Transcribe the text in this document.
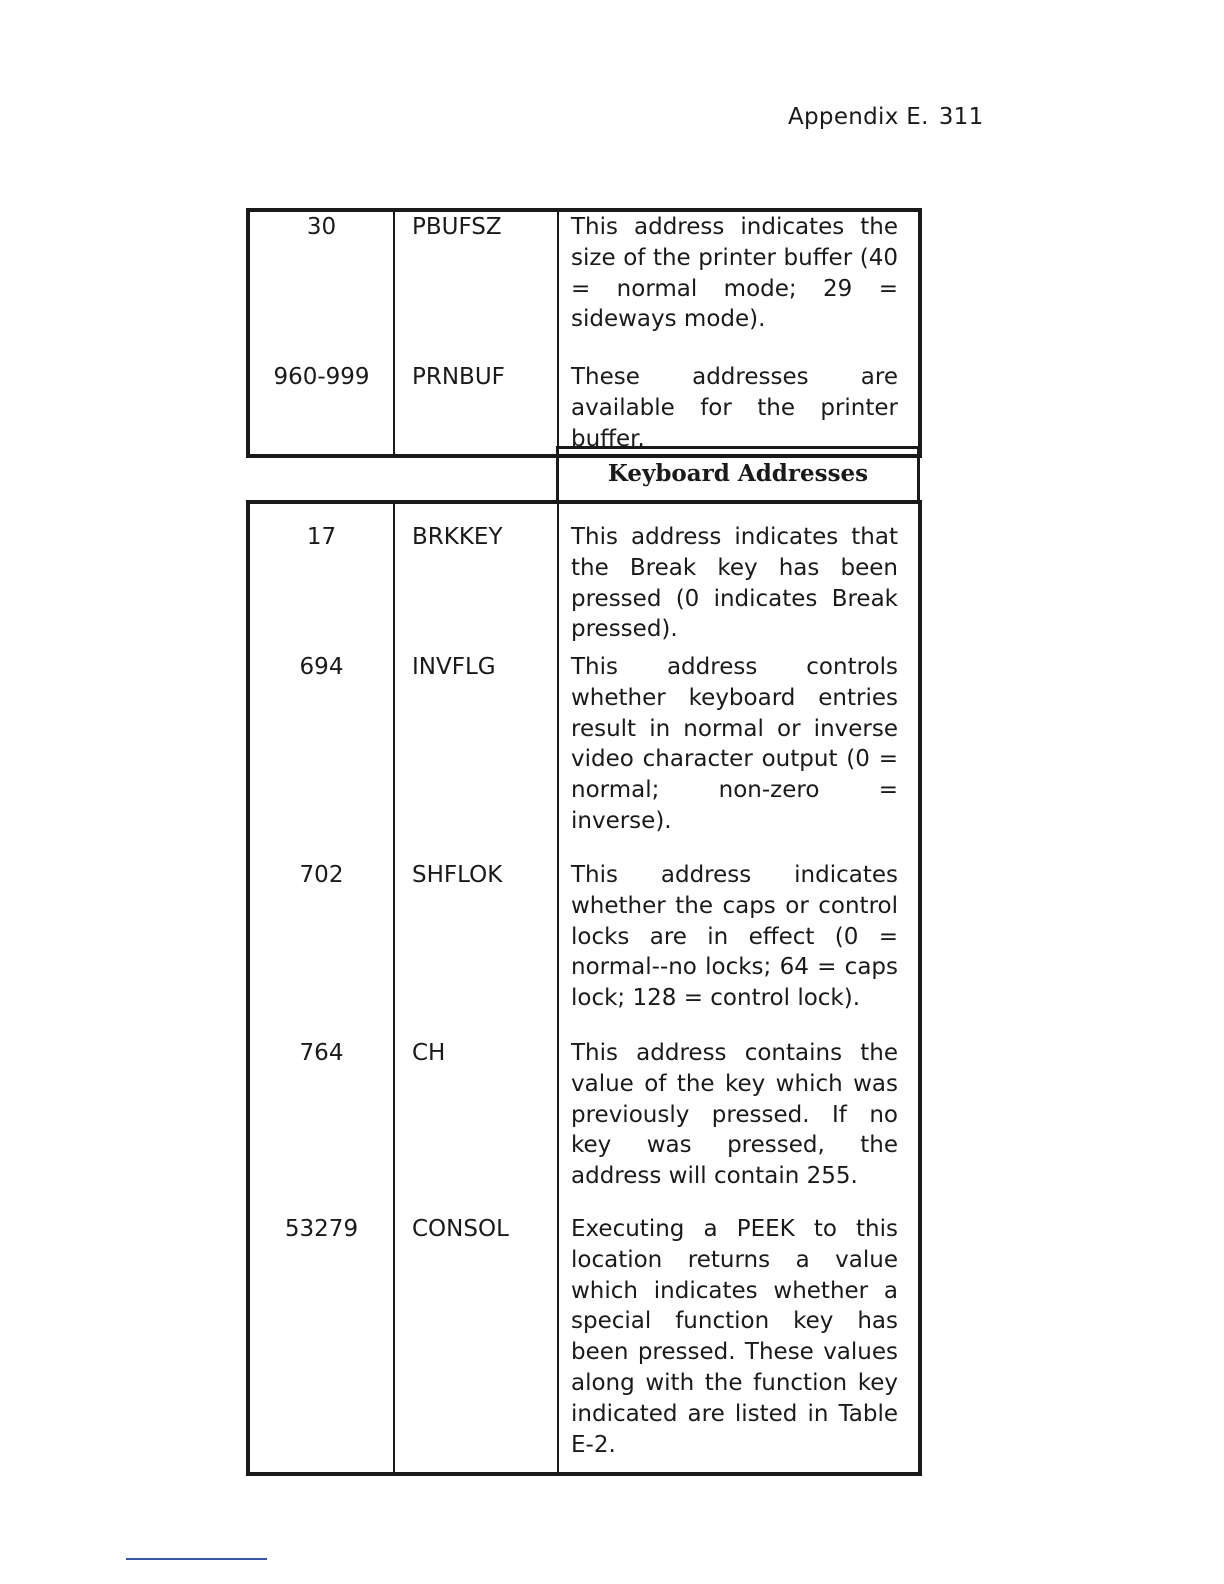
Appendix E. 311
30	PBUFSZ	This address indicates the size of the printer buffer (40 = normal mode; 29 = sideways mode).
960-999	PRNBUF	These addresses are available for the printer buffer.
Keyboard Addresses
17	BRKKEY	This address indicates that the Break key has been pressed (0 indicates Break pressed).
694	INVFLG	This address controls whether keyboard entries result in normal or inverse video character output (0 = normal; non-zero = inverse).
702	SHFLOK	This address indicates whether the caps or control locks are in effect (0 = normal--no locks; 64 = caps lock; 128 = control lock).
764	CH	This address contains the value of the key which was previously pressed. If no key was pressed, the address will contain 255.
53279	CONSOL	Executing a PEEK to this location returns a value which indicates whether a special function key has been pressed. These values along with the function key indicated are listed in Table E-2.
